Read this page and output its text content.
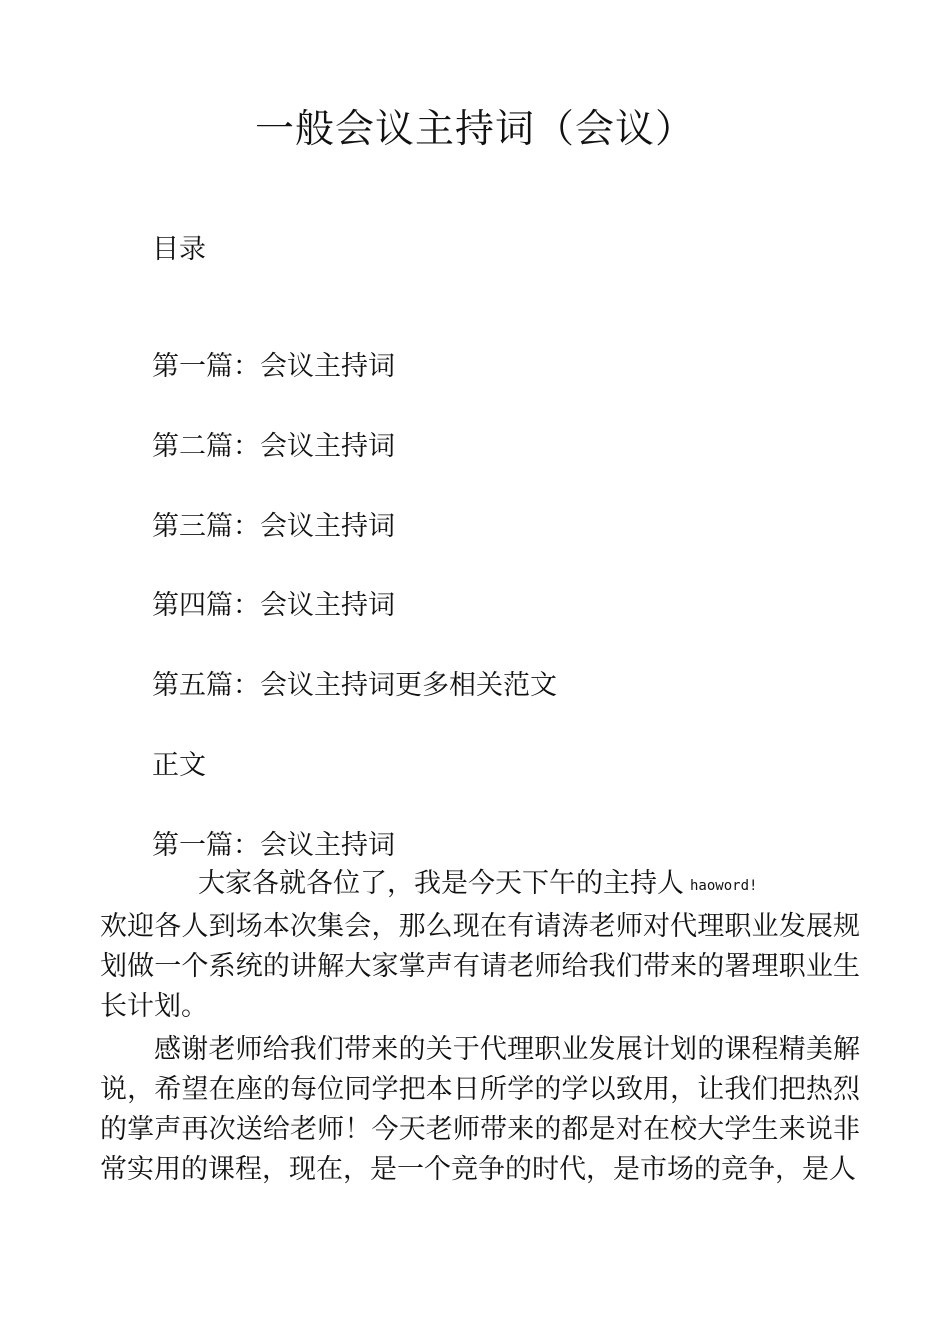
一般会议主持词（会议）

目录

第一篇：会议主持词

第二篇：会议主持词

第三篇：会议主持词

第四篇：会议主持词

第五篇：会议主持词更多相关范文

正文

第一篇：会议主持词

大家各就各位了，我是今天下午的主持人 haoword!

欢迎各人到场本次集会，那么现在有请涛老师对代理职业发展规划做一个系统的讲解大家掌声有请老师给我们带来的署理职业生长计划。

感谢老师给我们带来的关于代理职业发展计划的课程精美解说，希望在座的每位同学把本日所学的学以致用，让我们把热烈的掌声再次送给老师！今天老师带来的都是对在校大学生来说非常实用的课程，现在，是一个竞争的时代，是市场的竞争，是人
